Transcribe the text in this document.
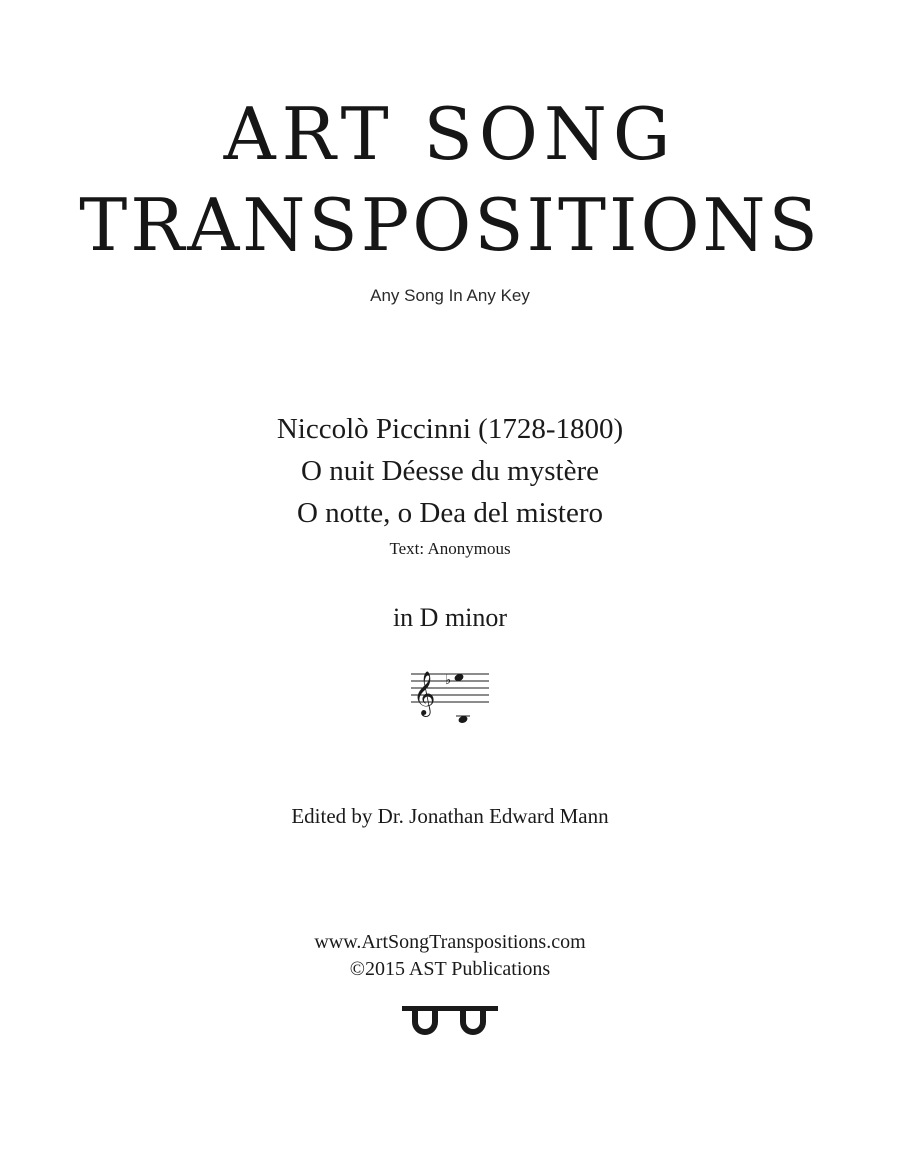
ART SONG
TRANSPOSITIONS
Any Song In Any Key
Niccolò Piccinni (1728-1800)
O nuit Déesse du mystère
O notte, o Dea del mistero
Text: Anonymous
in D minor
𝄞 ♭
Edited by Dr. Jonathan Edward Mann
www.ArtSongTranspositions.com
©2015 AST Publications
